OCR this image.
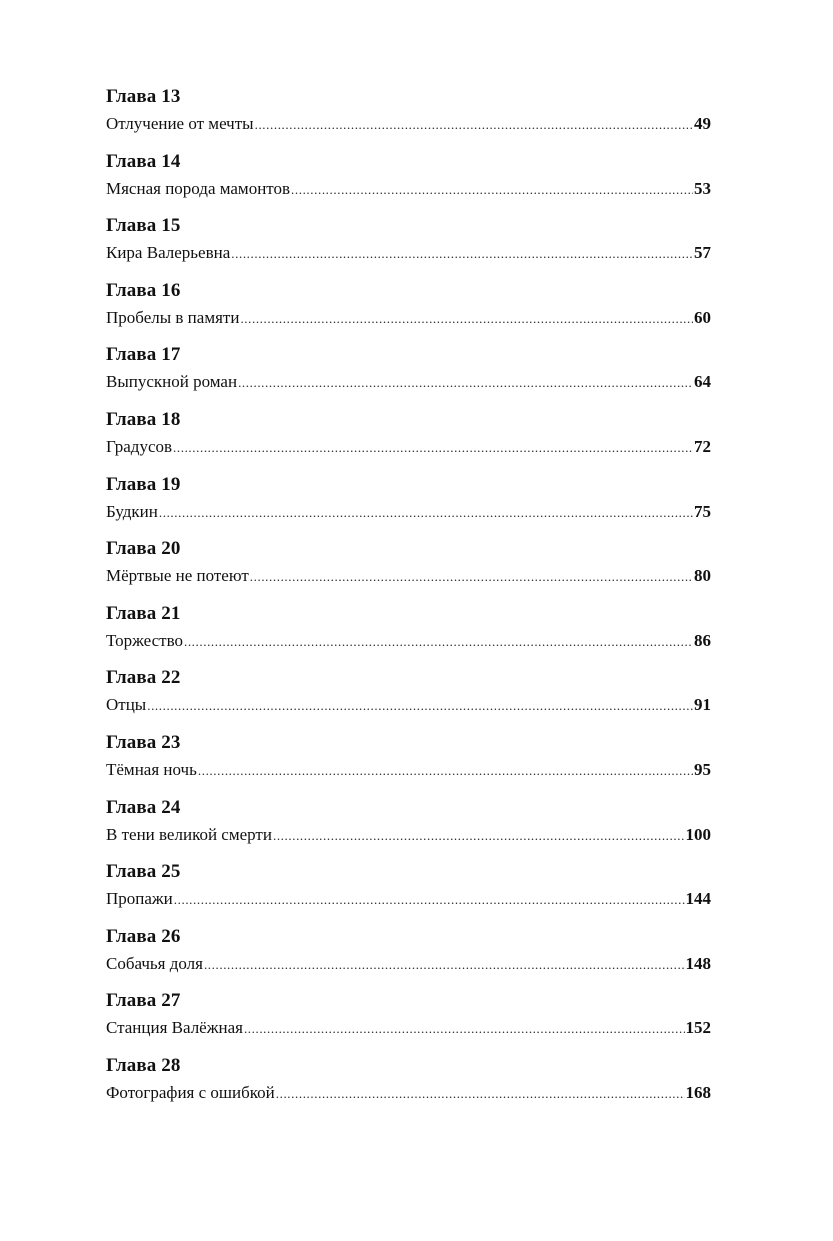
Глава 13
Отлучение от мечты .....	49
Глава 14
Мясная порода мамонтов .....	53
Глава 15
Кира Валерьевна .....	57
Глава 16
Пробелы в памяти .....	60
Глава 17
Выпускной роман .....	64
Глава 18
Градусов .....	72
Глава 19
Будкин .....	75
Глава 20
Мёртвые не потеют .....	80
Глава 21
Торжество .....	86
Глава 22
Отцы .....	91
Глава 23
Тёмная ночь .....	95
Глава 24
В тени великой смерти .....	100
Глава 25
Пропажи .....	144
Глава 26
Собачья доля .....	148
Глава 27
Станция Валёжная .....	152
Глава 28
Фотография с ошибкой .....	168
